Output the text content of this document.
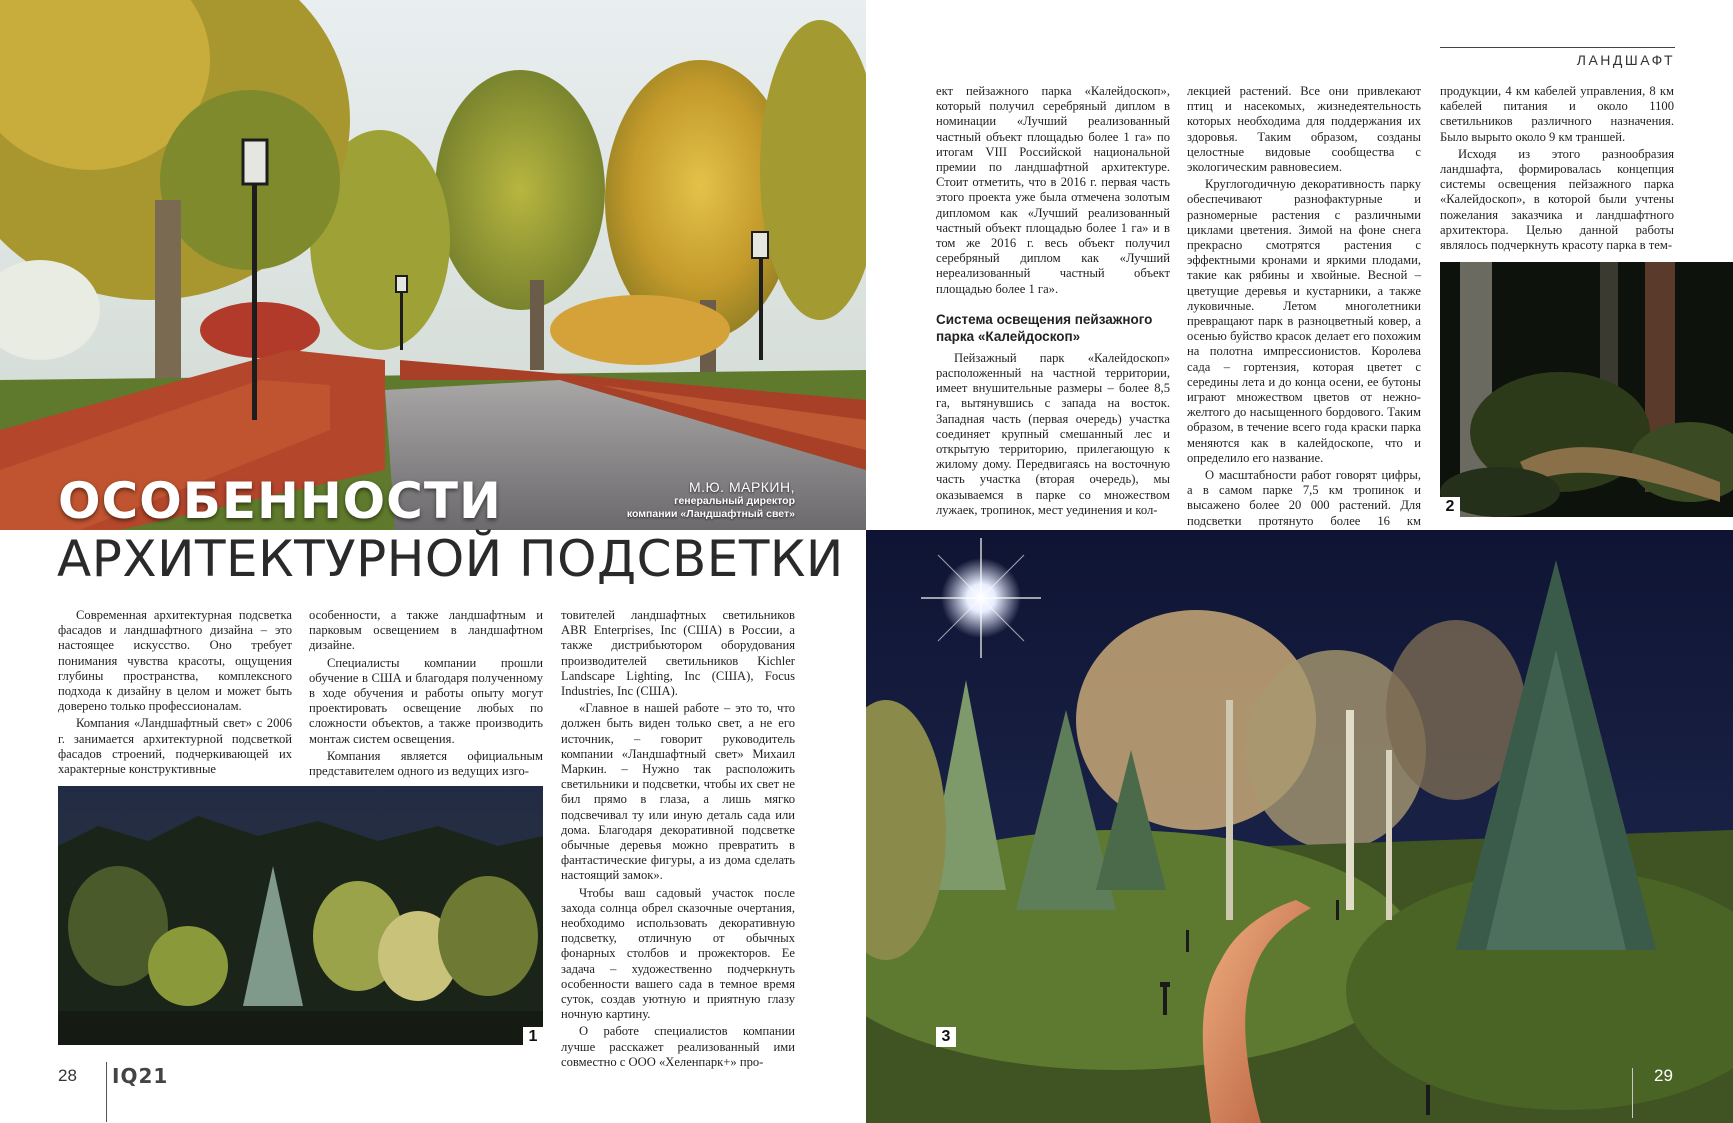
ОСОБЕННОСТИ	М.Ю. МАРКИН,
генеральный директор
компании «Ландшафтный свет»
АРХИТЕКТУРНОЙ ПОДСВЕТКИ

Современная архитектурная подсветка фасадов и ландшафтного дизайна – это настоящее искусство. Оно требует понимания чувства красоты, ощущения глубины пространства, комплексного подхода к дизайну в целом и может быть доверено только профессионалам.

Компания «Ландшафтный свет» с 2006 г. занимается архитектурной подсветкой фасадов строений, подчеркивающей их характерные конструктивные

особенности, а также ландшафтным и парковым освещением в ландшафтном дизайне.

Специалисты компании прошли обучение в США и благодаря полученному в ходе обучения и работы опыту могут проектировать освещение любых по сложности объектов, а также производить монтаж систем освещения.

Компания является официальным представителем одного из ведущих изго-

товителей ландшафтных светильников ABR Enterprises, Inc (США) в России, а также дистрибьютором оборудования производителей светильников Kichler Landscape Lighting, Inc (США), Focus Industries, Inc (США).

«Главное в нашей работе – это то, что должен быть виден только свет, а не его источник, – говорит руководитель компании «Ландшафтный свет» Михаил Маркин. – Нужно так расположить светильники и подсветки, чтобы их свет не бил прямо в глаза, а лишь мягко подсвечивал ту или иную деталь сада или дома. Благодаря декоративной подсветке обычные деревья можно превратить в фантастические фигуры, а из дома сделать настоящий замок».

Чтобы ваш садовый участок после захода солнца обрел сказочные очертания, необходимо использовать декоративную подсветку, отличную от обычных фонарных столбов и прожекторов. Ее задача – художественно подчеркнуть особенности вашего сада в темное время суток, создав уютную и приятную глазу ночную картину.

О работе специалистов компании лучше расскажет реализованный ими совместно с ООО «Хеленпарк+» про-

1
28 IQ21
ЛАНДШАФТ

ект пейзажного парка «Калейдоскоп», который получил серебряный диплом в номинации «Лучший реализованный частный объект площадью более 1 га» по итогам VIII Российской национальной премии по ландшафтной архитектуре. Стоит отметить, что в 2016 г. первая часть этого проекта уже была отмечена золотым дипломом как «Лучший реализованный частный объект площадью более 1 га» и в том же 2016 г. весь объект получил серебряный диплом как «Лучший нереализованный частный объект площадью более 1 га».

Система освещения пейзажного парка «Калейдоскоп»

Пейзажный парк «Калейдоскоп» расположенный на частной территории, имеет внушительные размеры – более 8,5 га, вытянувшись с запада на восток. Западная часть (первая очередь) участка соединяет крупный смешанный лес и открытую территорию, прилегающую к жилому дому. Передвигаясь на восточную часть участка (вторая очередь), мы оказываемся в парке со множеством лужаек, тропинок, мест уединения и кол-

лекцией растений. Все они привлекают птиц и насекомых, жизнедеятельность которых необходима для поддержания их здоровья. Таким образом, созданы целостные видовые сообщества с экологическим равновесием.

Круглогодичную декоративность парку обеспечивают разнофактурные и разномерные растения с различными циклами цветения. Зимой на фоне снега прекрасно смотрятся растения с эффектными кронами и яркими плодами, такие как рябины и хвойные. Весной – цветущие деревья и кустарники, а также луковичные. Летом многолетники превращают парк в разноцветный ковер, а осенью буйство красок делает его похожим на полотна импрессионистов. Королева сада – гортензия, которая цветет с середины лета и до конца осени, ее бутоны играют множеством цветов от нежно-желтого до насыщенного бордового. Таким образом, в течение всего года краски парка меняются как в калейдоскопе, что и определило его название.

О масштабности работ говорят цифры, а в самом парке 7,5 км тропинок и высажено более 20 000 растений. Для подсветки протянуто более 16 км

продукции, 4 км кабелей управления, 8 км кабелей питания и около 1100 светильников различного назначения. Было вырыто около 9 км траншей.

Исходя из этого разнообразия ландшафта, формировалась концепция системы освещения пейзажного парка «Калейдоскоп», в которой были учтены пожелания заказчика и ландшафтного архитектора. Целью данной работы являлось подчеркнуть красоту парка в тем-

2
3
29
